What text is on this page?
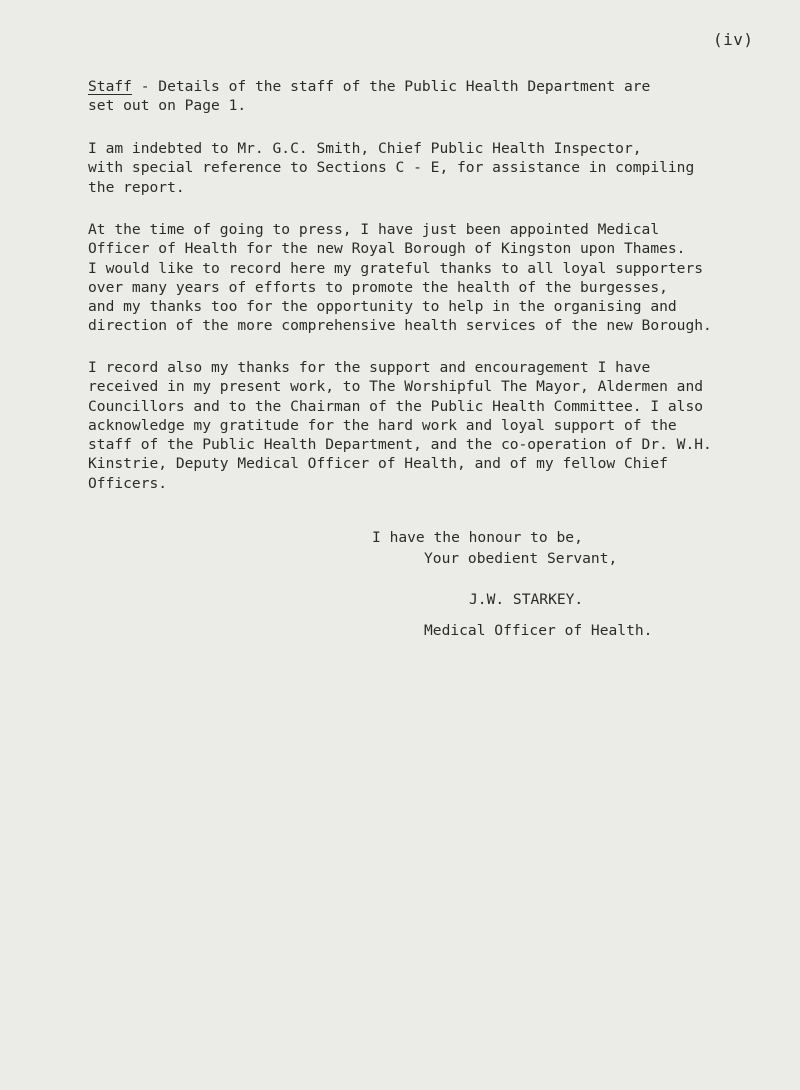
(iv)

Staff - Details of the staff of the Public Health Department are
set out on Page 1.

I am indebted to Mr. G.C. Smith, Chief Public Health Inspector,
with special reference to Sections C - E, for assistance in compiling
the report.

At the time of going to press, I have just been appointed Medical
Officer of Health for the new Royal Borough of Kingston upon Thames.
I would like to record here my grateful thanks to all loyal supporters
over many years of efforts to promote the health of the burgesses,
and my thanks too for the opportunity to help in the organising and
direction of the more comprehensive health services of the new Borough.

I record also my thanks for the support and encouragement I have
received in my present work, to The Worshipful The Mayor, Aldermen and
Councillors and to the Chairman of the Public Health Committee. I also
acknowledge my gratitude for the hard work and loyal support of the
staff of the Public Health Department, and the co-operation of Dr. W.H.
Kinstrie, Deputy Medical Officer of Health, and of my fellow Chief
Officers.

I have the honour to be,
Your obedient Servant,
J.W. STARKEY.
Medical Officer of Health.
